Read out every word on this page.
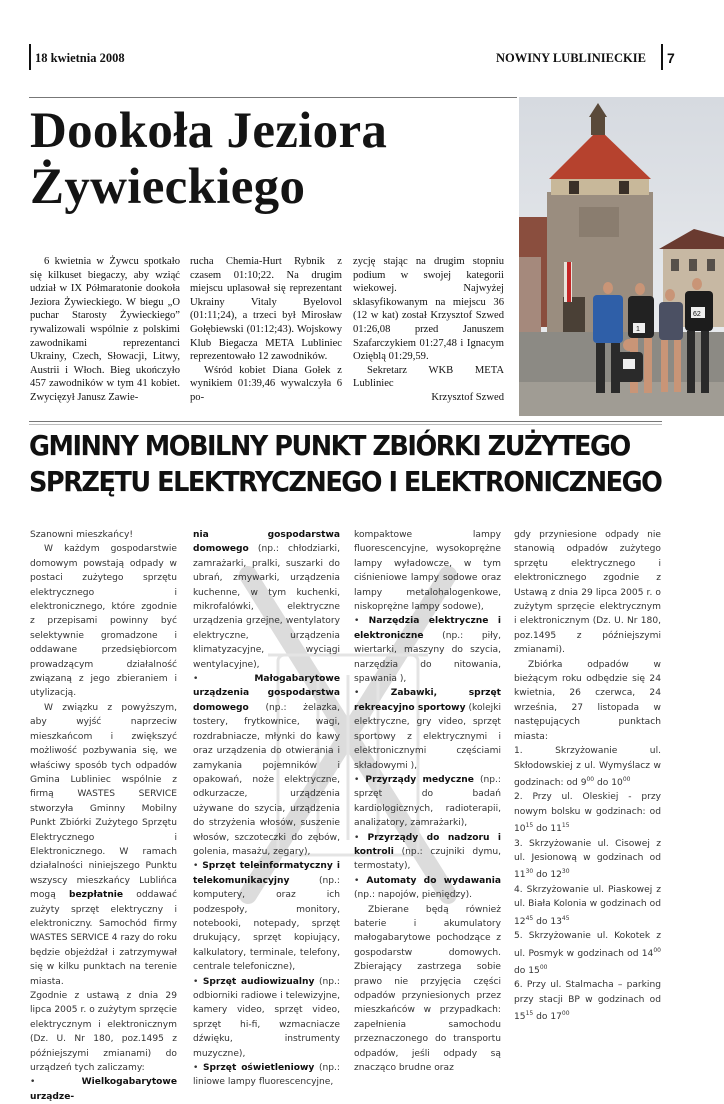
18 kwietnia 2008	NOWINY LUBLINIECKIE 7
Dookoła Jeziora
Żywieckiego

6 kwietnia w Żywcu spotkało się kilkuset biegaczy, aby wziąć udział w IX Półmaratonie dookoła Jeziora Żywieckiego. W biegu „O puchar Starosty Żywieckiego” rywalizowali wspólnie z polskimi zawodnikami reprezentanci Ukrainy, Czech, Słowacji, Litwy, Austrii i Włoch. Bieg ukończyło 457 zawodników w tym 41 kobiet. Zwycięzył Janusz Zawie-

rucha Chemia-Hurt Rybnik z czasem 01:10;22. Na drugim miejscu uplasował się reprezentant Ukrainy Vitaly Byelovol (01:11;24), a trzeci był Mirosław Gołębiewski (01:12;43). Wojskowy Klub Biegacza META Lubliniec reprezentowało 12 zawodników.

Wśród kobiet Diana Gołek z wynikiem 01:39,46 wywalczyła 6 po-

zycję stając na drugim stopniu podium w swojej kategorii wiekowej. Najwyżej sklasyfikowanym na miejscu 36 (12 w kat) został Krzysztof Szwed 01:26,08 przed Januszem Szafarczykiem 01:27,48 i Ignacym Ozięblą 01:29,59.

Sekretarz WKB META Lubliniec

Krzysztof Szwed

62
1
GMINNY MOBILNY PUNKT ZBIÓRKI ZUŻYTEGO
SPRZĘTU ELEKTRYCZNEGO I ELEKTRONICZNEGO

Szanowni mieszkańcy!

W każdym gospodarstwie domowym powstają odpady w postaci zużytego sprzętu elektrycznego i elektronicznego, które zgodnie z przepisami powinny być selektywnie gromadzone i oddawane przedsiębiorcom prowadzącym działalność związaną z jego zbieraniem i utylizacją.

W związku z powyższym, aby wyjść naprzeciw mieszkańcom i zwiększyć możliwość pozbywania się, we właściwy sposób tych odpadów Gmina Lubliniec wspólnie z firmą WASTES SERVICE stworzyła Gminny Mobilny Punkt Zbiórki Zużytego Sprzętu Elektrycznego i Elektronicznego. W ramach działalności niniejszego Punktu wszyscy mieszkańcy Lublińca mogą bezpłatnie oddawać zużyty sprzęt elektryczny i elektroniczny. Samochód firmy WASTES SERVICE 4 razy do roku będzie objeżdżał i zatrzymywał się w kilku punktach na terenie miasta.

Zgodnie z ustawą z dnia 29 lipca 2005 r. o zużytym sprzęcie elektrycznym i elektronicznym (Dz. U. Nr 180, poz.1495 z późniejszymi zmianami) do urządzeń tych zaliczamy:

• Wielkogabarytowe urządze-

nia gospodarstwa domowego (np.: chłodziarki, zamrażarki, pralki, suszarki do ubrań, zmywarki, urządzenia kuchenne, w tym kuchenki, mikrofalówki, elektryczne urządzenia grzejne, wentylatory elektryczne, urządzenia klimatyzacyjne, wyciągi wentylacyjne),

• Małogabarytowe urządzenia gospodarstwa domowego (np.: żelazka, tostery, frytkownice, wagi, rozdrabniacze, młynki do kawy oraz urządzenia do otwierania i zamykania pojemników i opakowań, noże elektryczne, odkurzacze, urządzenia używane do szycia, urządzenia do strzyżenia włosów, suszenie włosów, szczoteczki do zębów, golenia, masażu, zegary),

• Sprzęt teleinformatyczny i telekomunikacyjny	(np.: komputery, oraz ich podzespoły, monitory, notebooki, notepady, sprzęt drukujący, sprzęt kopiujący, kalkulatory, terminale, telefony, centrale telefoniczne),

• Sprzęt audiowizualny (np.: odbiorniki radiowe i telewizyjne, kamery video, sprzęt video, sprzęt hi-fi, wzmacniacze dźwięku, instrumenty muzyczne),

• Sprzęt oświetleniowy (np.: liniowe lampy fluorescencyjne,

kompaktowe lampy fluorescencyjne, wysokoprężne lampy wyładowcze, w tym ciśnieniowe lampy sodowe oraz lampy metalohalogenkowe, niskoprężne lampy sodowe),

• Narzędzia elektryczne i elektroniczne (np.: piły, wiertarki, maszyny do szycia, narzędzia do nitowania, spawania ),

• Zabawki, sprzęt rekreacyjno sportowy (kolejki elektryczne, gry video, sprzęt sportowy z elektrycznymi i elektronicznymi częściami składowymi ),

• Przyrządy medyczne (np.: sprzęt do badań kardiologicznych, radioterapii, analizatory, zamrażarki),

• Przyrządy do nadzoru i kontroli (np.: czujniki dymu, termostaty),

• Automaty do wydawania (np.: napojów, pieniędzy).

Zbierane będą również baterie i akumulatory małogabarytowe pochodzące z gospodarstw domowych. Zbierający zastrzega sobie prawo nie przyjęcia części odpadów przyniesionych przez mieszkańców w przypadkach: zapełnienia samochodu przeznaczonego do transportu odpadów, jeśli odpady są znacząco brudne oraz

gdy przyniesione odpady nie stanowią odpadów zużytego sprzętu elektrycznego i elektronicznego zgodnie z Ustawą z dnia 29 lipca 2005 r. o zużytym sprzęcie elektrycznym i elektronicznym (Dz. U. Nr 180, poz.1495 z późniejszymi zmianami).

Zbiórka odpadów w bieżącym roku odbędzie się 24 kwietnia, 26 czerwca, 24 września, 27 listopada w następujących punktach miasta:

1. Skrzyżowanie ul. Skłodowskiej z ul. Wymyślacz w godzinach: od $9^{00}$ do $10^{00}$

2. Przy ul. Oleskiej - przy nowym bolsku w godzinach: od $10^{15}$ do $11^{15}$

3. Skrzyżowanie ul. Cisowej z ul. Jesionową w godzinach od $11^{30}$ do $12^{30}$

4. Skrzyżowanie ul. Piaskowej z ul. Biała Kolonia w godzinach od $12^{45}$ do $13^{45}$

5. Skrzyżowanie ul. Kokotek z ul. Posmyk w godzinach od $14^{00}$ do $15^{00}$

6. Przy ul. Stalmacha – parking przy stacji BP w godzinach od $15^{15}$ do $17^{00}$
